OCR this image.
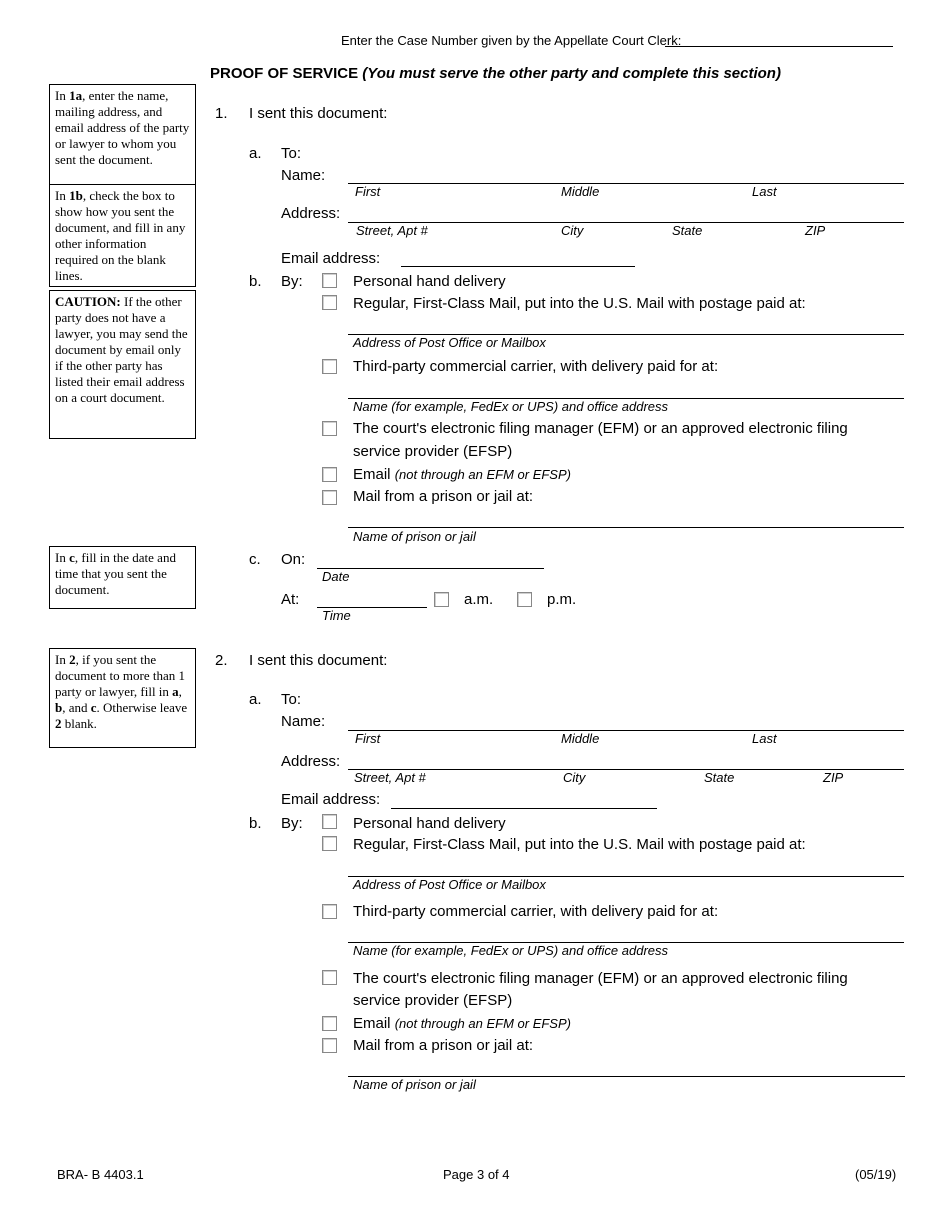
Enter the Case Number given by the Appellate Court Clerk:
PROOF OF SERVICE (You must serve the other party and complete this section)
In 1a, enter the name, mailing address, and email address of the party or lawyer to whom you sent the document.
In 1b, check the box to show how you sent the document, and fill in any other information required on the blank lines.
CAUTION: If the other party does not have a lawyer, you may send the document by email only if the other party has listed their email address on a court document.
In c, fill in the date and time that you sent the document.
In 2, if you sent the document to more than 1 party or lawyer, fill in a, b, and c. Otherwise leave 2 blank.
1. I sent this document:
a. To:
Name:
First	Middle	Last
Address:
Street, Apt #	City	State	ZIP
Email address:
b. By:	Personal hand delivery
Regular, First-Class Mail, put into the U.S. Mail with postage paid at:
Address of Post Office or Mailbox
Third-party commercial carrier, with delivery paid for at:
Name (for example, FedEx or UPS) and office address
The court's electronic filing manager (EFM) or an approved electronic filing
service provider (EFSP)
Email (not through an EFM or EFSP)
Mail from a prison or jail at:
Name of prison or jail
c. On:
Date
At:
Time
a.m.	p.m.
2. I sent this document:
a. To:
Name:
First	Middle	Last
Address:
Street, Apt #	City	State	ZIP
Email address:
b. By:	Personal hand delivery
Regular, First-Class Mail, put into the U.S. Mail with postage paid at:
Address of Post Office or Mailbox
Third-party commercial carrier, with delivery paid for at:
Name (for example, FedEx or UPS) and office address
The court's electronic filing manager (EFM) or an approved electronic filing
service provider (EFSP)
Email (not through an EFM or EFSP)
Mail from a prison or jail at:
Name of prison or jail
BRA- B 4403.1	Page 3 of 4	(05/19)
